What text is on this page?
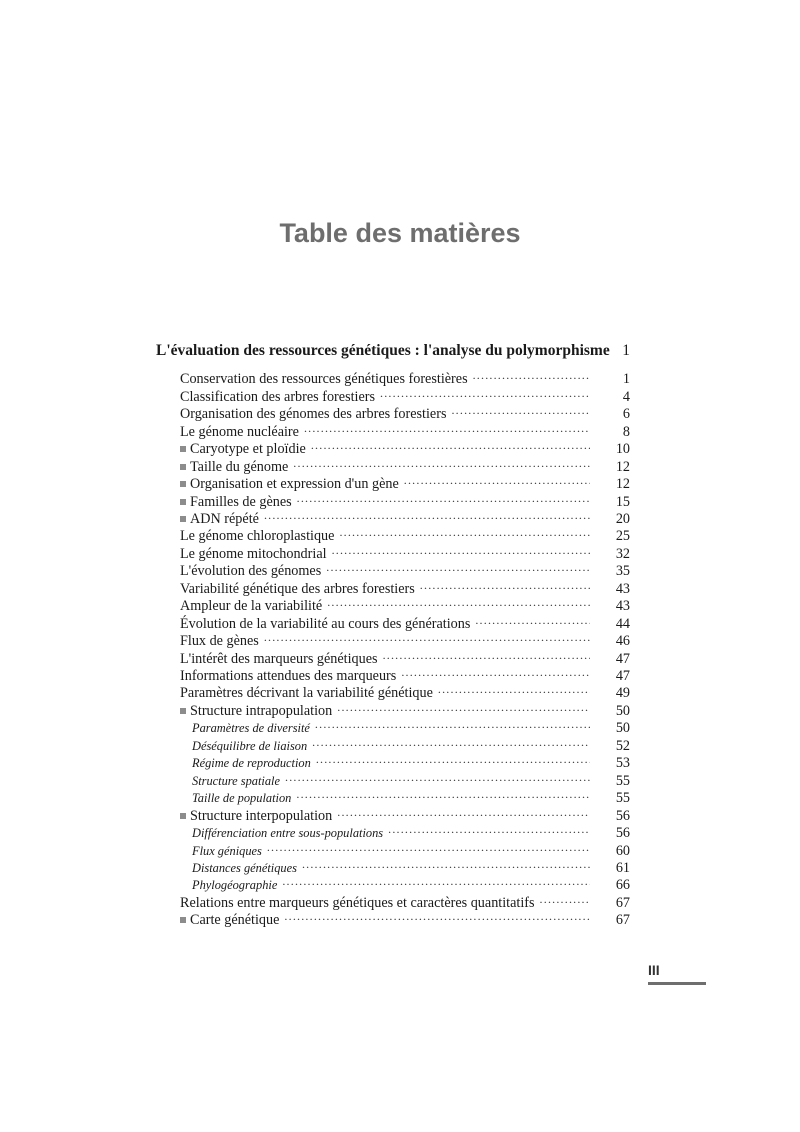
Table des matières
L'évaluation des ressources génétiques : l'analyse du polymorphisme 1
Conservation des ressources génétiques forestières .....	1
Classification des arbres forestiers .....	4
Organisation des génomes des arbres forestiers .....	6
Le génome nucléaire .....	8
Caryotype et ploïdie .....	10
Taille du génome .....	12
Organisation et expression d'un gène .....	12
Familles de gènes .....	15
ADN répété .....	20
Le génome chloroplastique .....	25
Le génome mitochondrial .....	32
L'évolution des génomes .....	35
Variabilité génétique des arbres forestiers .....	43
Ampleur de la variabilité .....	43
Évolution de la variabilité au cours des générations .....	44
Flux de gènes .....	46
L'intérêt des marqueurs génétiques .....	47
Informations attendues des marqueurs .....	47
Paramètres décrivant la variabilité génétique .....	49
Structure intrapopulation .....	50
Paramètres de diversité .....	50
Déséquilibre de liaison .....	52
Régime de reproduction .....	53
Structure spatiale .....	55
Taille de population .....	55
Structure interpopulation .....	56
Différenciation entre sous-populations .....	56
Flux géniques .....	60
Distances génétiques .....	61
Phylogéographie .....	66
Relations entre marqueurs génétiques et caractères quantitatifs .....	67
Carte génétique .....	67
III
